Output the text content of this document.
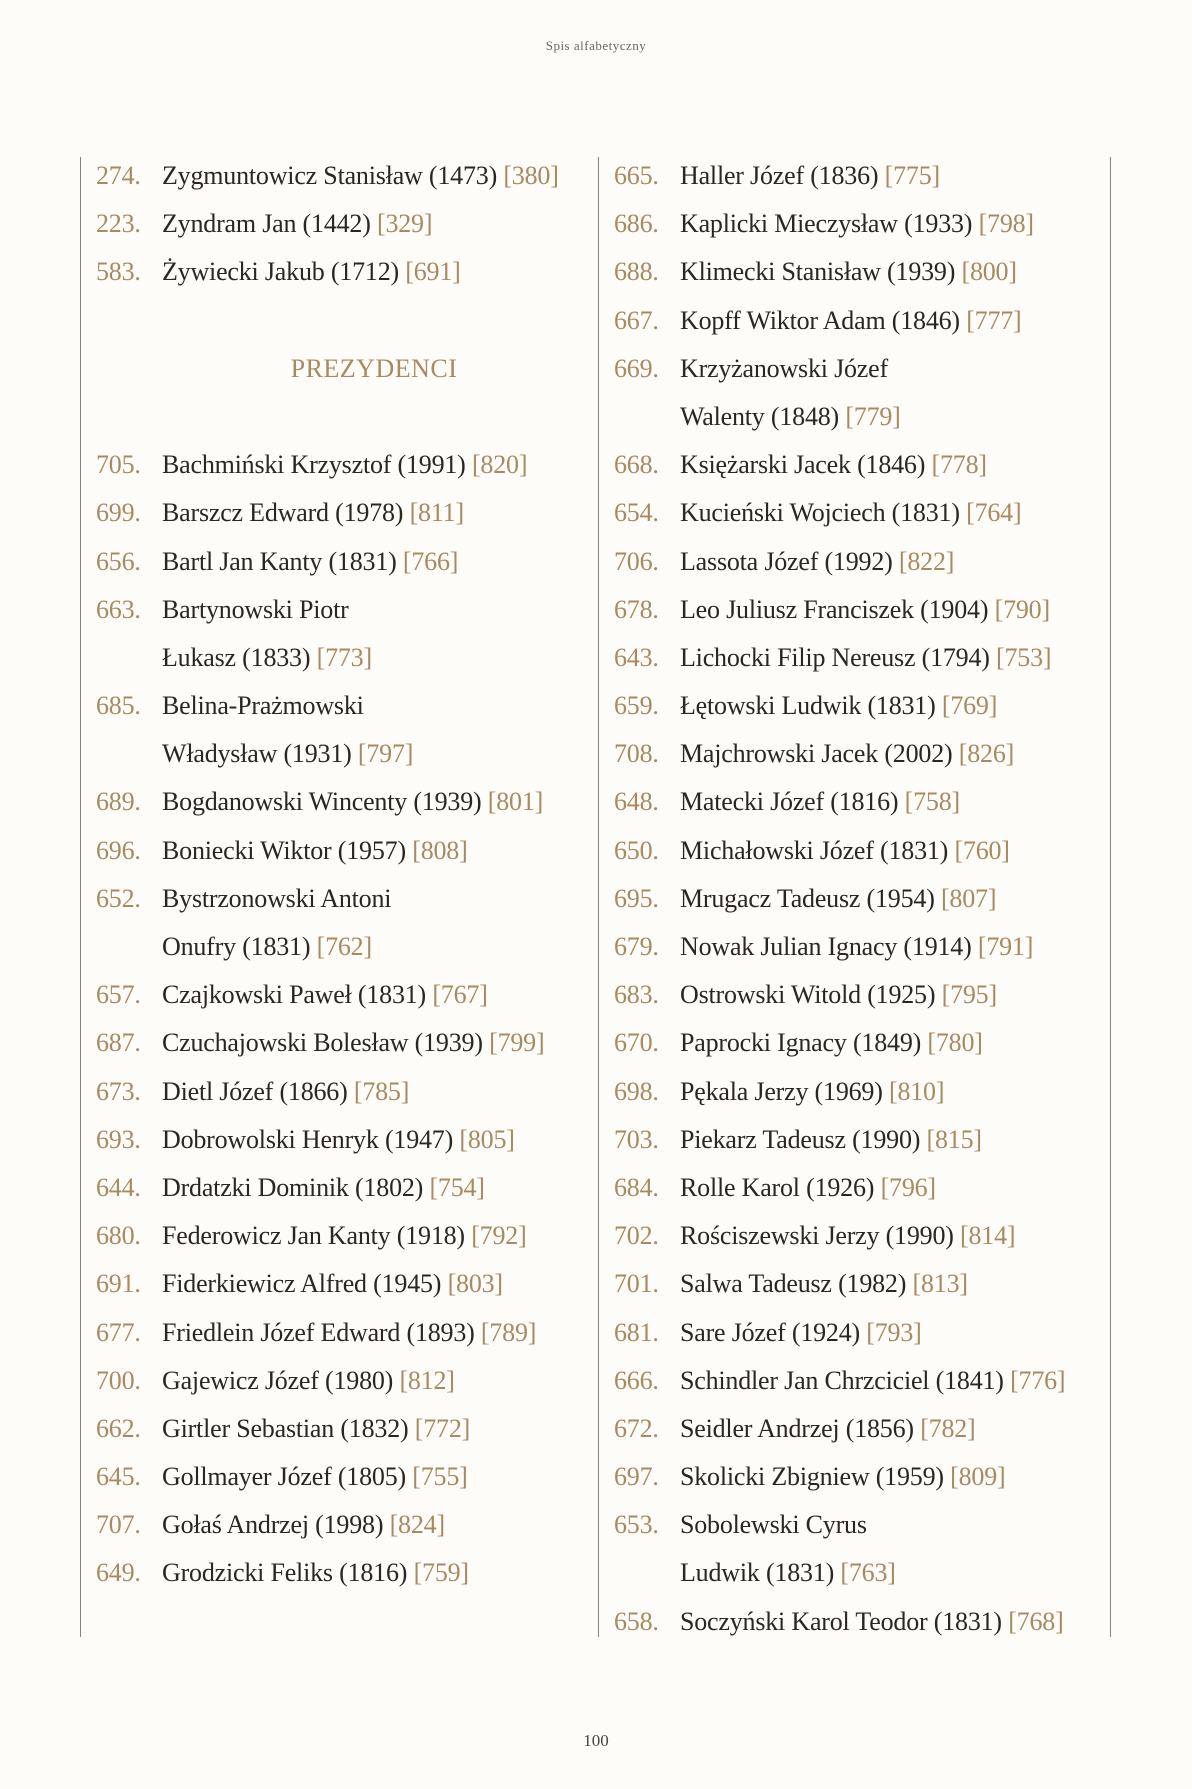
Spis alfabetyczny
274. Zygmuntowicz Stanisław (1473) [380]
223. Zyndram Jan (1442) [329]
583. Żywiecki Jakub (1712) [691]
PREZYDENCI
705. Bachmiński Krzysztof (1991) [820]
699. Barszcz Edward (1978) [811]
656. Bartl Jan Kanty (1831) [766]
663. Bartynowski Piotr
Łukasz (1833) [773]
685. Belina-Prażmowski
Władysław (1931) [797]
689. Bogdanowski Wincenty (1939) [801]
696. Boniecki Wiktor (1957) [808]
652. Bystrzonowski Antoni
Onufry (1831) [762]
657. Czajkowski Paweł (1831) [767]
687. Czuchajowski Bolesław (1939) [799]
673. Dietl Józef (1866) [785]
693. Dobrowolski Henryk (1947) [805]
644. Drdatzki Dominik (1802) [754]
680. Federowicz Jan Kanty (1918) [792]
691. Fiderkiewicz Alfred (1945) [803]
677. Friedlein Józef Edward (1893) [789]
700. Gajewicz Józef (1980) [812]
662. Girtler Sebastian (1832) [772]
645. Gollmayer Józef (1805) [755]
707. Gołaś Andrzej (1998) [824]
649. Grodzicki Feliks (1816) [759]
665. Haller Józef (1836) [775]
686. Kaplicki Mieczysław (1933) [798]
688. Klimecki Stanisław (1939) [800]
667. Kopff Wiktor Adam (1846) [777]
669. Krzyżanowski Józef
Walenty (1848) [779]
668. Księżarski Jacek (1846) [778]
654. Kucieński Wojciech (1831) [764]
706. Lassota Józef (1992) [822]
678. Leo Juliusz Franciszek (1904) [790]
643. Lichocki Filip Nereusz (1794) [753]
659. Łętowski Ludwik (1831) [769]
708. Majchrowski Jacek (2002) [826]
648. Matecki Józef (1816) [758]
650. Michałowski Józef (1831) [760]
695. Mrugacz Tadeusz (1954) [807]
679. Nowak Julian Ignacy (1914) [791]
683. Ostrowski Witold (1925) [795]
670. Paprocki Ignacy (1849) [780]
698. Pękala Jerzy (1969) [810]
703. Piekarz Tadeusz (1990) [815]
684. Rolle Karol (1926) [796]
702. Rościszewski Jerzy (1990) [814]
701. Salwa Tadeusz (1982) [813]
681. Sare Józef (1924) [793]
666. Schindler Jan Chrzciciel (1841) [776]
672. Seidler Andrzej (1856) [782]
697. Skolicki Zbigniew (1959) [809]
653. Sobolewski Cyrus
Ludwik (1831) [763]
658. Soczyński Karol Teodor (1831) [768]
100
